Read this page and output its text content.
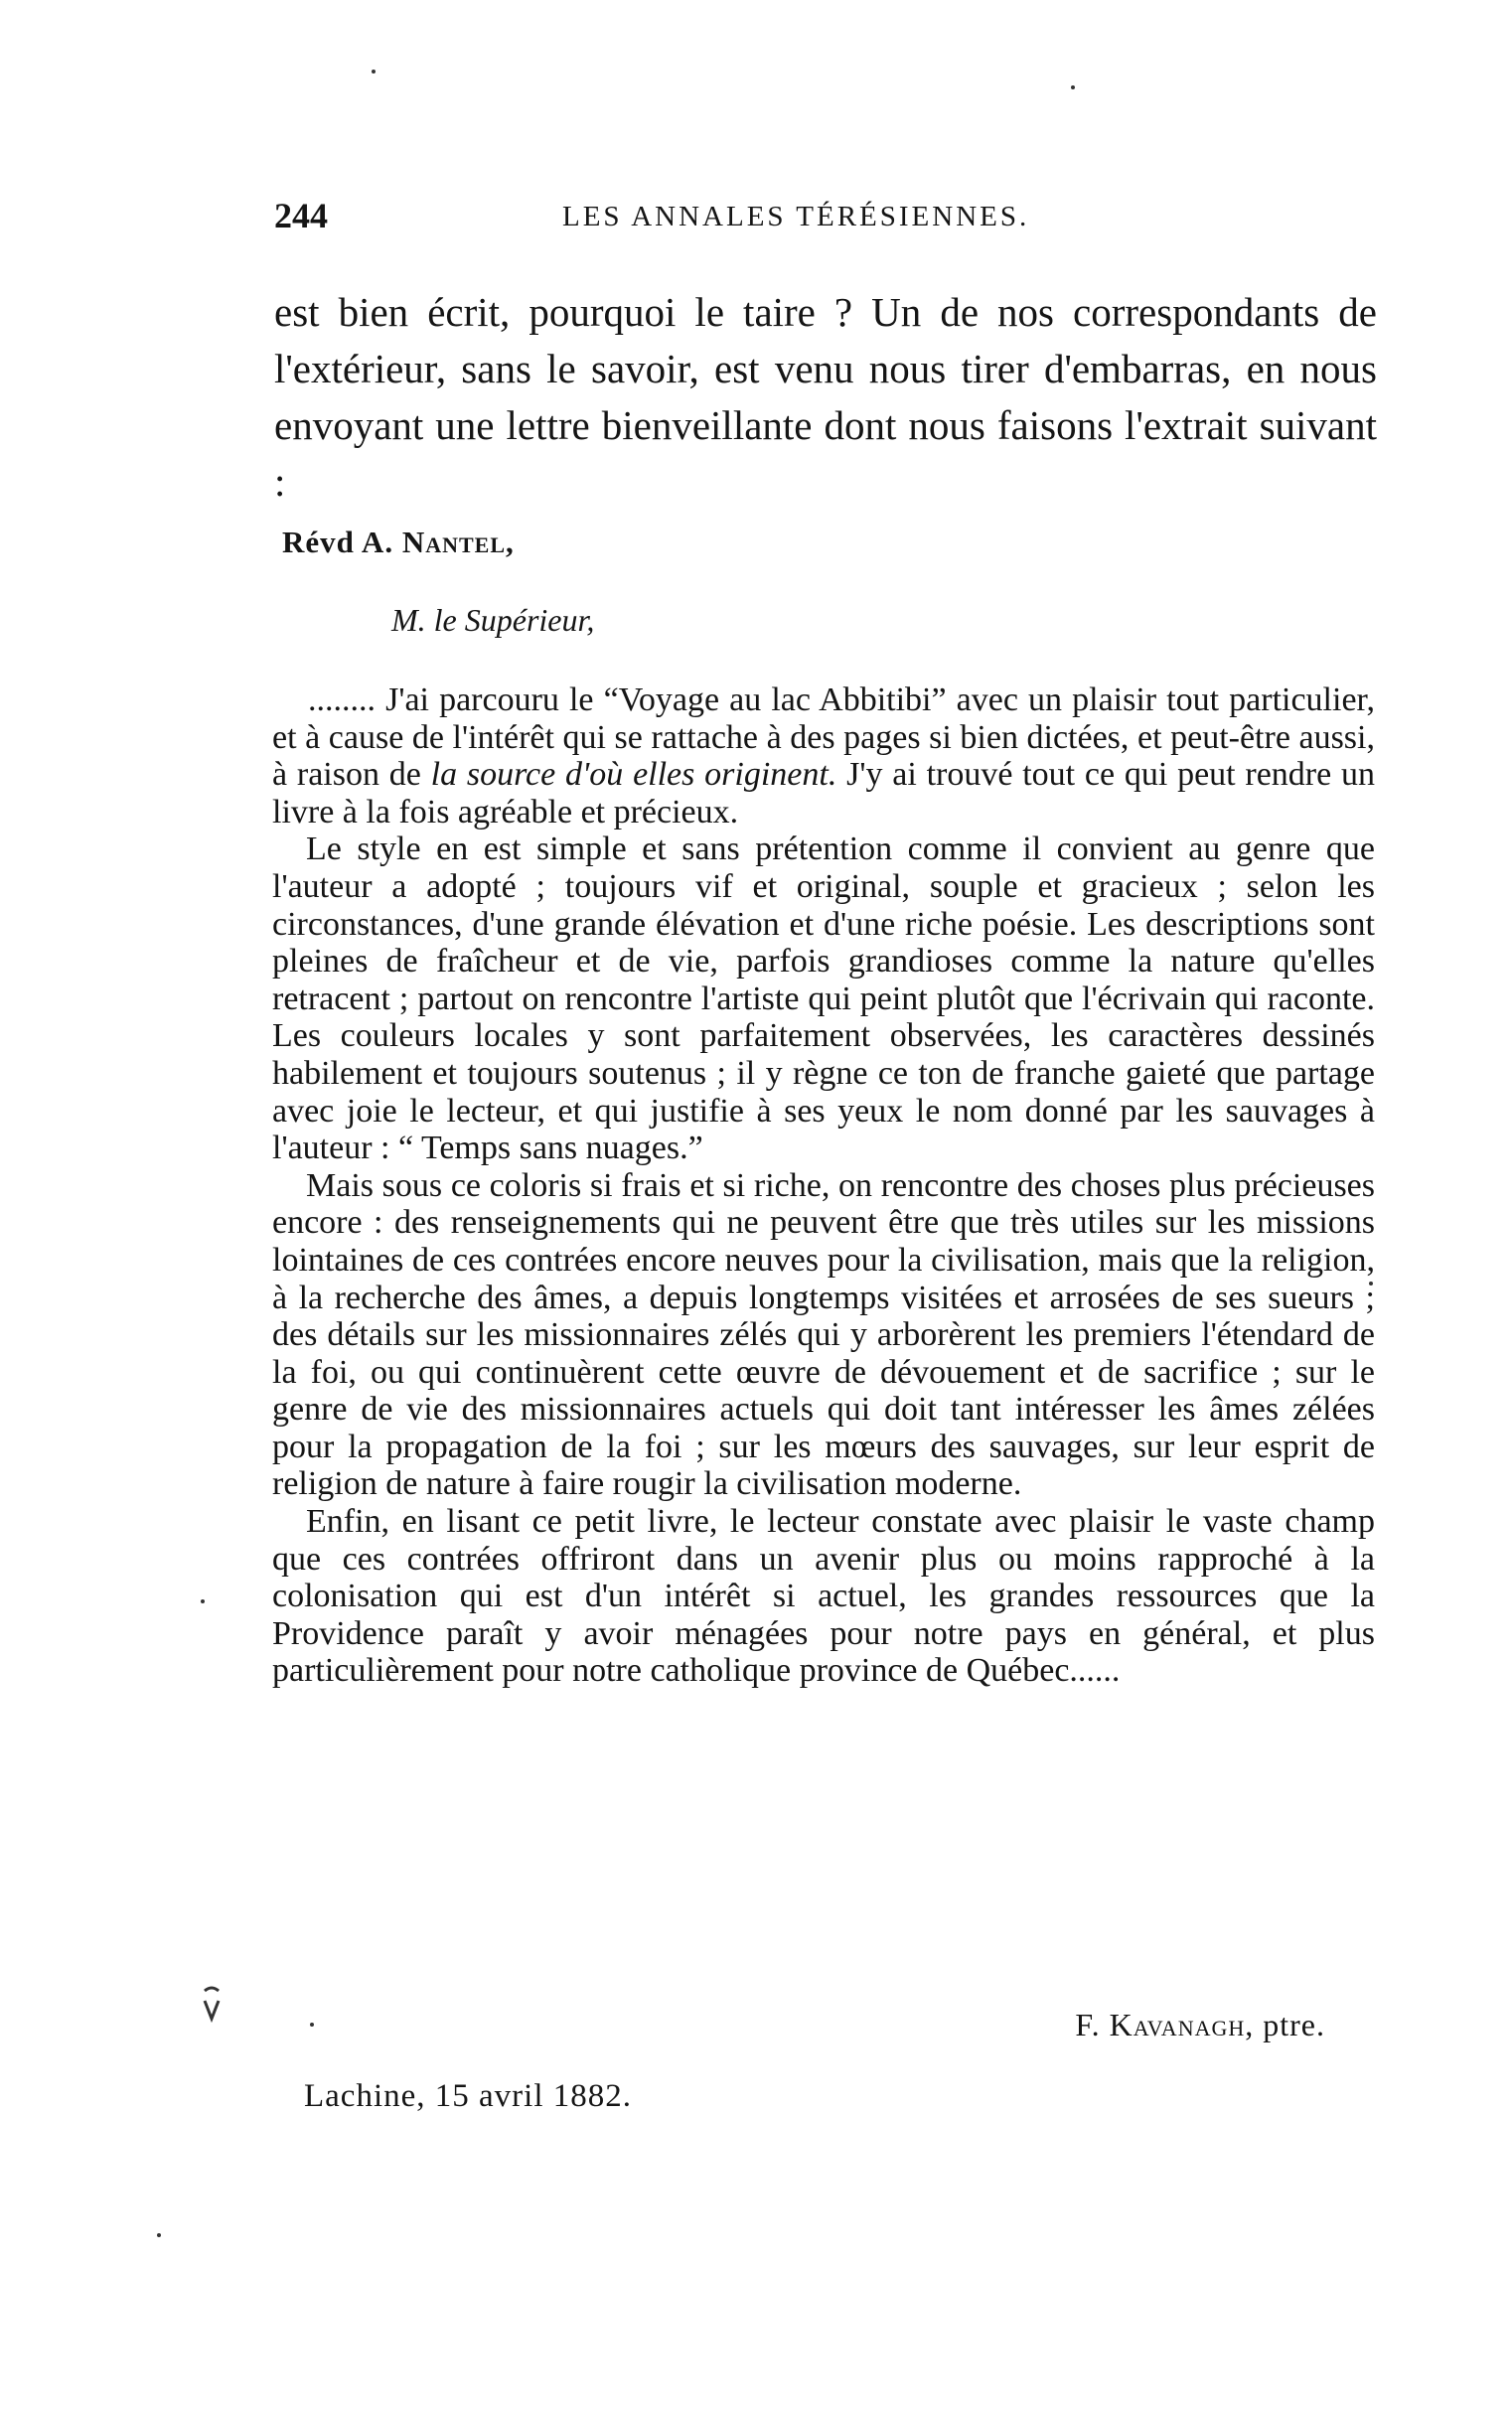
244	LES ANNALES TÉRÉSIENNES.

est bien écrit, pourquoi le taire ? Un de nos correspondants de l'extérieur, sans le savoir, est venu nous tirer d'embarras, en nous envoyant une lettre bienveillante dont nous faisons l'extrait suivant :

Révd A. Nantel,
M. le Supérieur,

........ J'ai parcouru le “Voyage au lac Abbitibi” avec un plaisir tout particulier, et à cause de l'intérêt qui se rattache à des pages si bien dictées, et peut-être aussi, à raison de la source d'où elles originent. J'y ai trouvé tout ce qui peut rendre un livre à la fois agréable et précieux.

Le style en est simple et sans prétention comme il convient au genre que l'auteur a adopté ; toujours vif et original, souple et gracieux ; selon les circonstances, d'une grande élévation et d'une riche poésie. Les descriptions sont pleines de fraîcheur et de vie, parfois grandioses comme la nature qu'elles retracent ; partout on rencontre l'artiste qui peint plutôt que l'écrivain qui raconte. Les couleurs locales y sont parfaitement observées, les caractères dessinés habilement et toujours soutenus ; il y règne ce ton de franche gaieté que partage avec joie le lecteur, et qui justifie à ses yeux le nom donné par les sauvages à l'auteur : “ Temps sans nuages.”

Mais sous ce coloris si frais et si riche, on rencontre des choses plus précieuses encore : des renseignements qui ne peuvent être que très utiles sur les missions lointaines de ces contrées encore neuves pour la civilisation, mais que la religion, à la recherche des âmes, a depuis longtemps visitées et arrosées de ses sueurs ; des détails sur les missionnaires zélés qui y arborèrent les premiers l'étendard de la foi, ou qui continuèrent cette œuvre de dévouement et de sacrifice ; sur le genre de vie des missionnaires actuels qui doit tant intéresser les âmes zélées pour la propagation de la foi ; sur les mœurs des sauvages, sur leur esprit de religion de nature à faire rougir la civilisation moderne.

Enfin, en lisant ce petit livre, le lecteur constate avec plaisir le vaste champ que ces contrées offriront dans un avenir plus ou moins rapproché à la colonisation qui est d'un intérêt si actuel, les grandes ressources que la Providence paraît y avoir ménagées pour notre pays en général, et plus particulièrement pour notre catholique province de Québec......

F. Kavanagh, ptre.
Lachine, 15 avril 1882.
